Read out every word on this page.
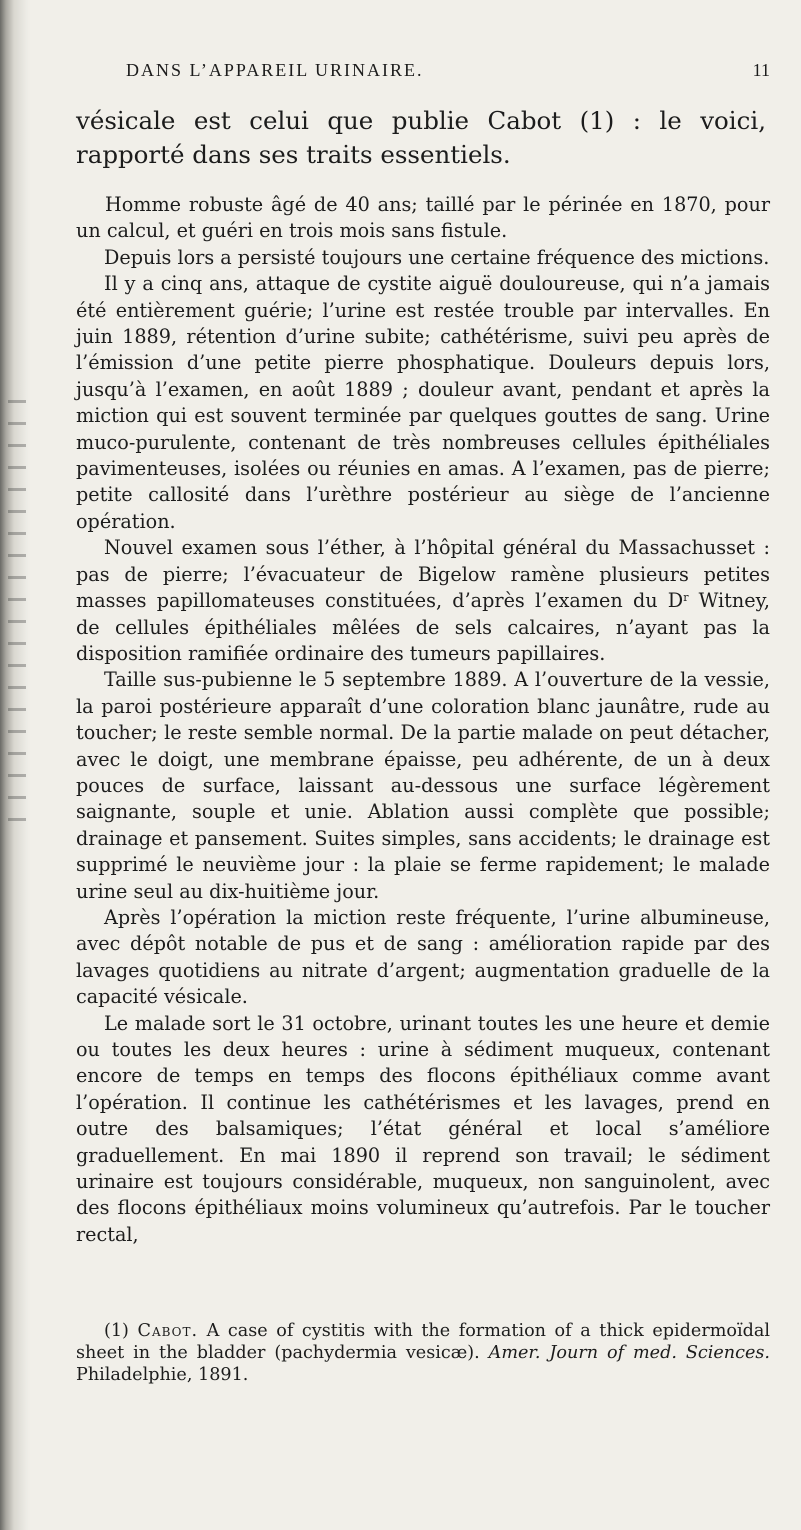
DANS L’APPAREIL URINAIRE.	11
vésicale est celui que publie Cabot (1) : le voici, rapporté dans ses traits essentiels.

Homme robuste âgé de 40 ans; taillé par le périnée en 1870, pour un calcul, et guéri en trois mois sans fistule.

Depuis lors a persisté toujours une certaine fréquence des mictions.

Il y a cinq ans, attaque de cystite aiguë douloureuse, qui n’a jamais été entièrement guérie; l’urine est restée trouble par intervalles. En juin 1889, rétention d’urine subite; cathétérisme, suivi peu après de l’émission d’une petite pierre phosphatique. Douleurs depuis lors, jusqu’à l’examen, en août 1889 ; douleur avant, pendant et après la miction qui est souvent terminée par quelques gouttes de sang. Urine muco-purulente, contenant de très nombreuses cellules épithéliales pavimenteuses, isolées ou réunies en amas. A l’examen, pas de pierre; petite callosité dans l’urèthre postérieur au siège de l’ancienne opération.

Nouvel examen sous l’éther, à l’hôpital général du Massachusset : pas de pierre; l’évacuateur de Bigelow ramène plusieurs petites masses papillomateuses constituées, d’après l’examen du $D^r$ Witney, de cellules épithéliales mêlées de sels calcaires, n’ayant pas la disposition ramifiée ordinaire des tumeurs papillaires.

Taille sus-pubienne le 5 septembre 1889. A l’ouverture de la vessie, la paroi postérieure apparaît d’une coloration blanc jaunâtre, rude au toucher; le reste semble normal. De la partie malade on peut détacher, avec le doigt, une membrane épaisse, peu adhérente, de un à deux pouces de surface, laissant au-dessous une surface légèrement saignante, souple et unie. Ablation aussi complète que possible; drainage et pansement. Suites simples, sans accidents; le drainage est supprimé le neuvième jour : la plaie se ferme rapidement; le malade urine seul au dix-huitième jour.

Après l’opération la miction reste fréquente, l’urine albumineuse, avec dépôt notable de pus et de sang : amélioration rapide par des lavages quotidiens au nitrate d’argent; augmentation graduelle de la capacité vésicale.

Le malade sort le 31 octobre, urinant toutes les une heure et demie ou toutes les deux heures : urine à sédiment muqueux, contenant encore de temps en temps des flocons épithéliaux comme avant l’opération. Il continue les cathétérismes et les lavages, prend en outre des balsamiques; l’état général et local s’améliore graduellement. En mai 1890 il reprend son travail; le sédiment urinaire est toujours considérable, muqueux, non sanguinolent, avec des flocons épithéliaux moins volumineux qu’autrefois. Par le toucher rectal,

(1) Cabot. A case of cystitis with the formation of a thick epidermoïdal sheet in the bladder (pachydermia vesicæ). Amer. Journ of med. Sciences. Philadelphie, 1891.
